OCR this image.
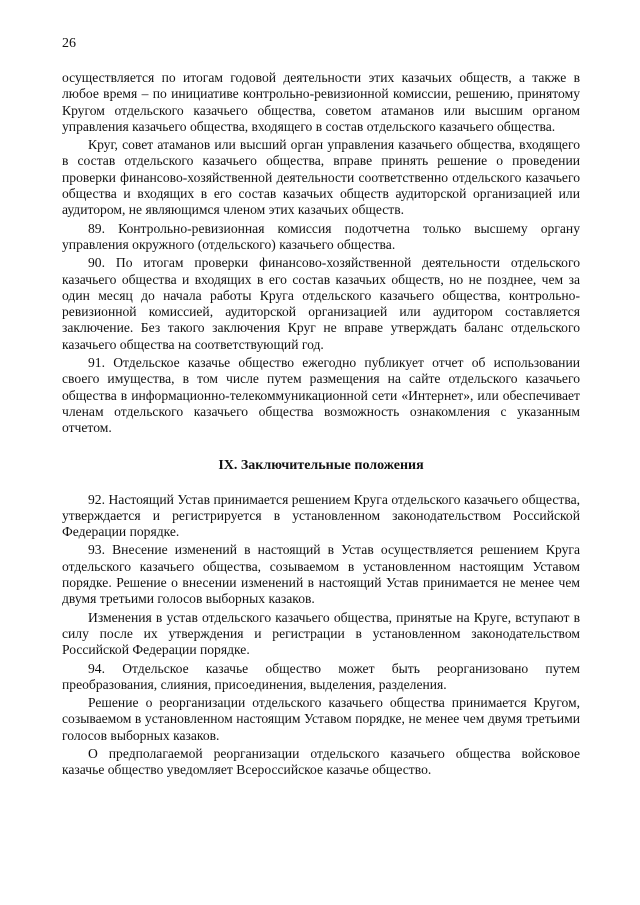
26

осуществляется по итогам годовой деятельности этих казачьих обществ, а также в любое время – по инициативе контрольно-ревизионной комиссии, решению, принятому Кругом отдельского казачьего общества, советом атаманов или высшим органом управления казачьего общества, входящего в состав отдельского казачьего общества.

Круг, совет атаманов или высший орган управления казачьего общества, входящего в состав отдельского казачьего общества, вправе принять решение о проведении проверки финансово-хозяйственной деятельности соответственно отдельского казачьего общества и входящих в его состав казачьих обществ аудиторской организацией или аудитором, не являющимся членом этих казачьих обществ.

89. Контрольно-ревизионная комиссия подотчетна только высшему органу управления окружного (отдельского) казачьего общества.

90. По итогам проверки финансово-хозяйственной деятельности отдельского казачьего общества и входящих в его состав казачьих обществ, но не позднее, чем за один месяц до начала работы Круга отдельского казачьего общества, контрольно-ревизионной комиссией, аудиторской организацией или аудитором составляется заключение. Без такого заключения Круг не вправе утверждать баланс отдельского казачьего общества на соответствующий год.

91. Отдельское казачье общество ежегодно публикует отчет об использовании своего имущества, в том числе путем размещения на сайте отдельского казачьего общества в информационно-телекоммуникационной сети «Интернет», или обеспечивает членам отдельского казачьего общества возможность ознакомления с указанным отчетом.

IX. Заключительные положения

92. Настоящий Устав принимается решением Круга отдельского казачьего общества, утверждается и регистрируется в установленном законодательством Российской Федерации порядке.

93. Внесение изменений в настоящий в Устав осуществляется решением Круга отдельского казачьего общества, созываемом в установленном настоящим Уставом порядке. Решение о внесении изменений в настоящий Устав принимается не менее чем двумя третьими голосов выборных казаков.

Изменения в устав отдельского казачьего общества, принятые на Круге, вступают в силу после их утверждения и регистрации в установленном законодательством Российской Федерации порядке.

94. Отдельское казачье общество может быть реорганизовано путем преобразования, слияния, присоединения, выделения, разделения.

Решение о реорганизации отдельского казачьего общества принимается Кругом, созываемом в установленном настоящим Уставом порядке, не менее чем двумя третьими голосов выборных казаков.

О предполагаемой реорганизации отдельского казачьего общества войсковое казачье общество уведомляет Всероссийское казачье общество.
